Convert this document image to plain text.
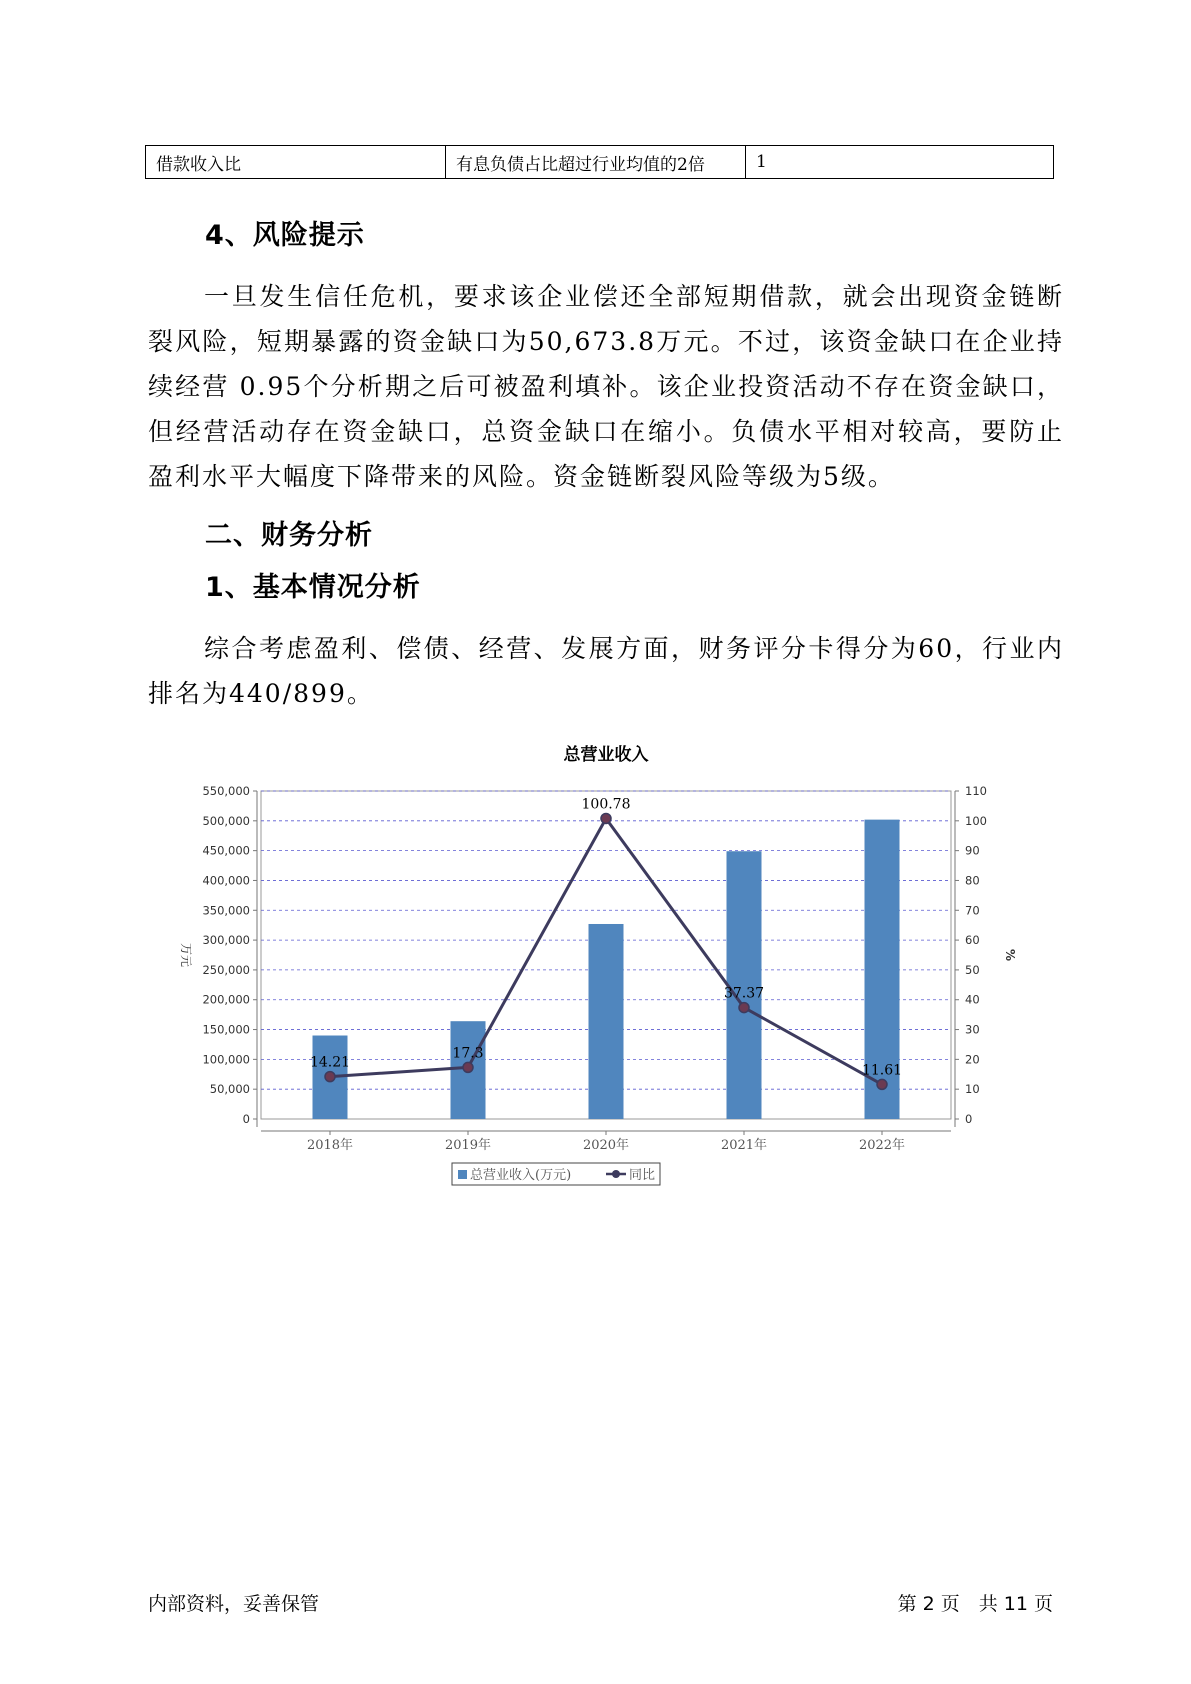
借款收入比	有息负债占比超过行业均值的2倍	1
4、风险提示

一旦发生信任危机，要求该企业偿还全部短期借款，就会出现资金链断裂风险，短期暴露的资金缺口为50,673.8万元。不过，该资金缺口在企业持续经营 0.95个分析期之后可被盈利填补。该企业投资活动不存在资金缺口，但经营活动存在资金缺口，总资金缺口在缩小。负债水平相对较高，要防止盈利水平大幅度下降带来的风险。资金链断裂风险等级为5级。

二、财务分析
1、基本情况分析

综合考虑盈利、偿债、经营、发展方面，财务评分卡得分为60，行业内排名为440/899。

总营业收入
0
50,000
100,000
150,000
200,000
250,000
300,000
350,000
400,000
450,000
500,000
550,000
万元
0
10
20
30
40
50
60
70
80
90
100
110
%
2018年	2019年	2020年	2021年	2022年
14.21
17.3
100.78
37.37
11.61
总营业收入(万元)	同比
内部资料，妥善保管	第 2 页　共 11 页
